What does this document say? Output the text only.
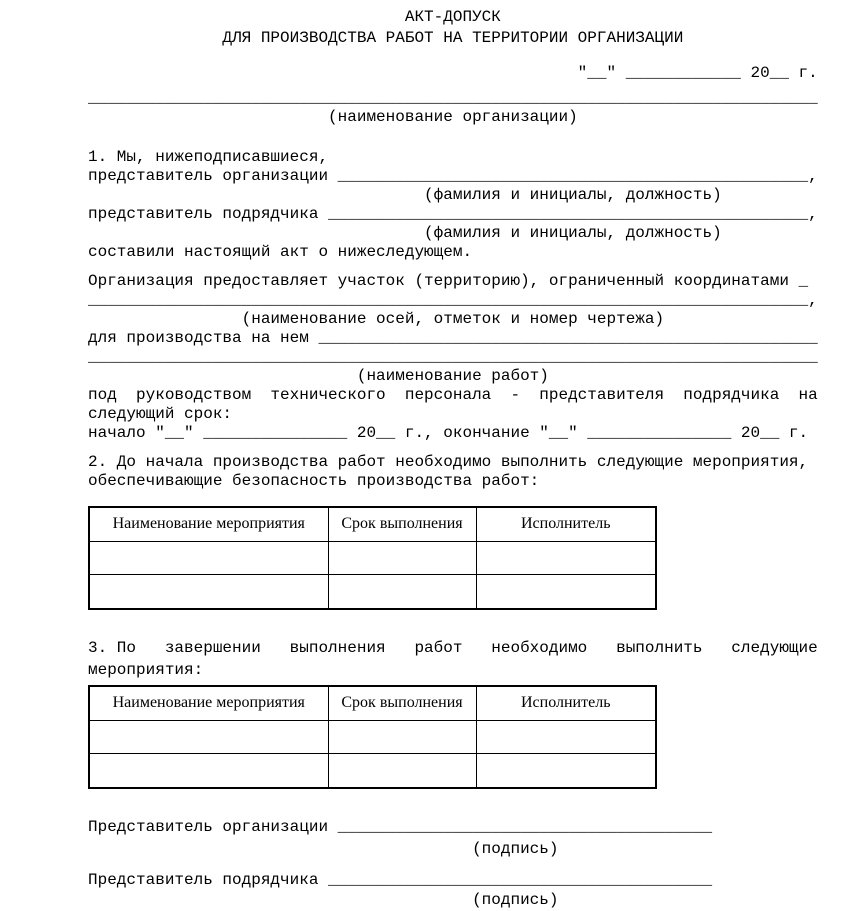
АКТ-ДОПУСК
ДЛЯ ПРОИЗВОДСТВА РАБОТ НА ТЕРРИТОРИИ ОРГАНИЗАЦИИ
"__" ____________ 20__ г.
____________________________________________________________________________
(наименование организации)
1. Мы, нижеподписавшиеся,
представитель организации _________________________________________________,
(фамилия и инициалы, должность)
представитель подрядчика __________________________________________________,
(фамилия и инициалы, должность)
составили настоящий акт о нижеследующем.
Организация предоставляет участок (территорию), ограниченный координатами _
___________________________________________________________________________,
(наименование осей, отметок и номер чертежа)
для производства на нем ____________________________________________________
____________________________________________________________________________
(наименование работ)
под  руководством  технического  персонала  -  представителя  подрядчика  на
следующий срок:
начало "__" _______________ 20__ г., окончание "__" _______________ 20__ г.
2. До начала производства работ необходимо выполнить следующие мероприятия,
обеспечивающие безопасность производства работ:
Наименование мероприятия	Срок выполнения	Исполнитель

3. По   завершении   выполнения   работ   необходимо   выполнить   следующие
мероприятия:
Наименование мероприятия	Срок выполнения	Исполнитель

Представитель организации _______________________________________
(подпись)
Представитель подрядчика ________________________________________
(подпись)
